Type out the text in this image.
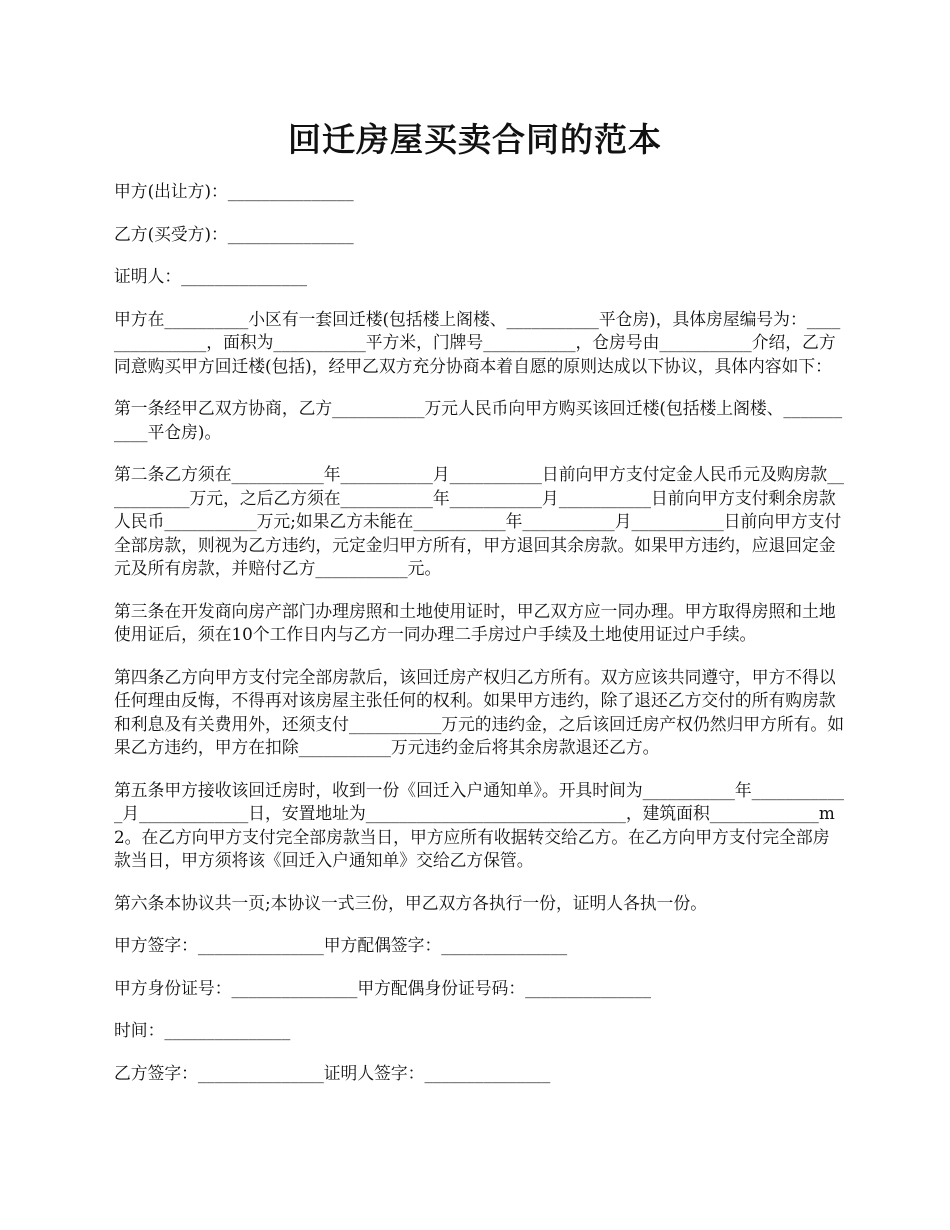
回迁房屋买卖合同的范本

甲方(出让方)：_______________

乙方(买受方)：_______________

证明人：_______________

甲方在__________小区有一套回迁楼(包括楼上阁楼、___________平仓房)，具体房屋编号为：_______________，面积为___________平方米，门牌号___________，仓房号由___________介绍，乙方同意购买甲方回迁楼(包括)，经甲乙双方充分协商本着自愿的原则达成以下协议，具体内容如下：

第一条经甲乙双方协商，乙方___________万元人民币向甲方购买该回迁楼(包括楼上阁楼、___________平仓房)。

第二条乙方须在___________年___________月___________日前向甲方支付定金人民币元及购房款___________万元，之后乙方须在___________年___________月___________日前向甲方支付剩余房款人民币___________万元;如果乙方未能在___________年___________月___________日前向甲方支付全部房款，则视为乙方违约，元定金归甲方所有，甲方退回其余房款。如果甲方违约，应退回定金元及所有房款，并赔付乙方___________元。

第三条在开发商向房产部门办理房照和土地使用证时，甲乙双方应一同办理。甲方取得房照和土地使用证后，须在10个工作日内与乙方一同办理二手房过户手续及土地使用证过户手续。

第四条乙方向甲方支付完全部房款后，该回迁房产权归乙方所有。双方应该共同遵守，甲方不得以任何理由反悔，不得再对该房屋主张任何的权利。如果甲方违约，除了退还乙方交付的所有购房款和利息及有关费用外，还须支付___________万元的违约金，之后该回迁房产权仍然归甲方所有。如果乙方违约，甲方在扣除___________万元违约金后将其余房款退还乙方。

第五条甲方接收该回迁房时，收到一份《回迁入户通知单》。开具时间为___________年____________月_____________日，安置地址为_______________________________，建筑面积_____________m2。在乙方向甲方支付完全部房款当日，甲方应所有收据转交给乙方。在乙方向甲方支付完全部房款当日，甲方须将该《回迁入户通知单》交给乙方保管。

第六条本协议共一页;本协议一式三份，甲乙双方各执行一份，证明人各执一份。

甲方签字：_______________甲方配偶签字：_______________

甲方身份证号：_______________甲方配偶身份证号码：_______________

时间：_______________

乙方签字：_______________证明人签字：_______________
